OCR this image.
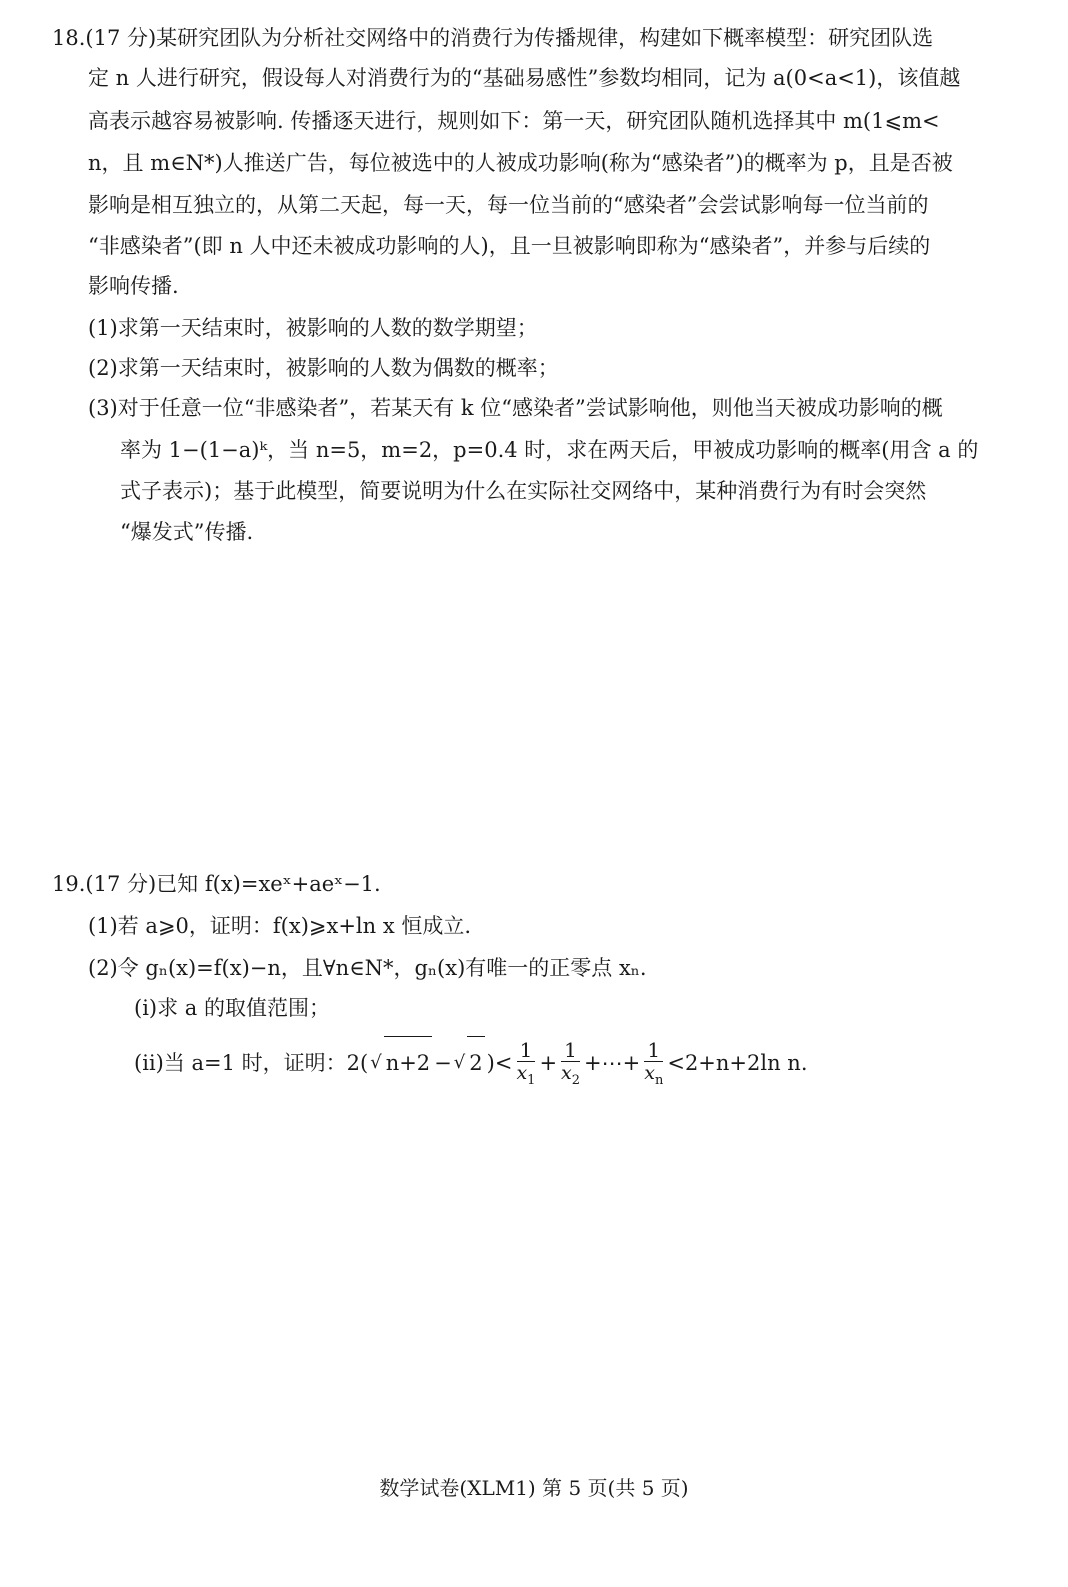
18.(17 分)某研究团队为分析社交网络中的消费行为传播规律，构建如下概率模型：研究团队选
定 n 人进行研究，假设每人对消费行为的“基础易感性”参数均相同，记为 a(0<a<1)，该值越
高表示越容易被影响. 传播逐天进行，规则如下：第一天，研究团队随机选择其中 m(1⩽m<
n，且 m∈N*)人推送广告，每位被选中的人被成功影响(称为“感染者”)的概率为 p，且是否被
影响是相互独立的，从第二天起，每一天，每一位当前的“感染者”会尝试影响每一位当前的
“非感染者”(即 n 人中还未被成功影响的人)，且一旦被影响即称为“感染者”，并参与后续的
影响传播.
(1)求第一天结束时，被影响的人数的数学期望；
(2)求第一天结束时，被影响的人数为偶数的概率；
(3)对于任意一位“非感染者”，若某天有 k 位“感染者”尝试影响他，则他当天被成功影响的概
率为 1−(1−a)ᵏ，当 n=5，m=2，p=0.4 时，求在两天后，甲被成功影响的概率(用含 a 的
式子表示)；基于此模型，简要说明为什么在实际社交网络中，某种消费行为有时会突然
“爆发式”传播.
19.(17 分)已知 f(x)=xeˣ+aeˣ−1.
(1)若 a⩾0，证明：f(x)⩾x+ln x 恒成立.
(2)令 gₙ(x)=f(x)−n，且∀n∈N*，gₙ(x)有唯一的正零点 xₙ.
(ⅰ)求 a 的取值范围；
(ⅱ)当 a=1 时，证明：2( √ n+2 − √ 2 )< $\frac{1}{x_1} + \frac{1}{x_2}$ +⋯+ $\frac{1}{x_n} <2+n+2\ln$ n.
数学试卷(XLM1) 第 5 页(共 5 页)
